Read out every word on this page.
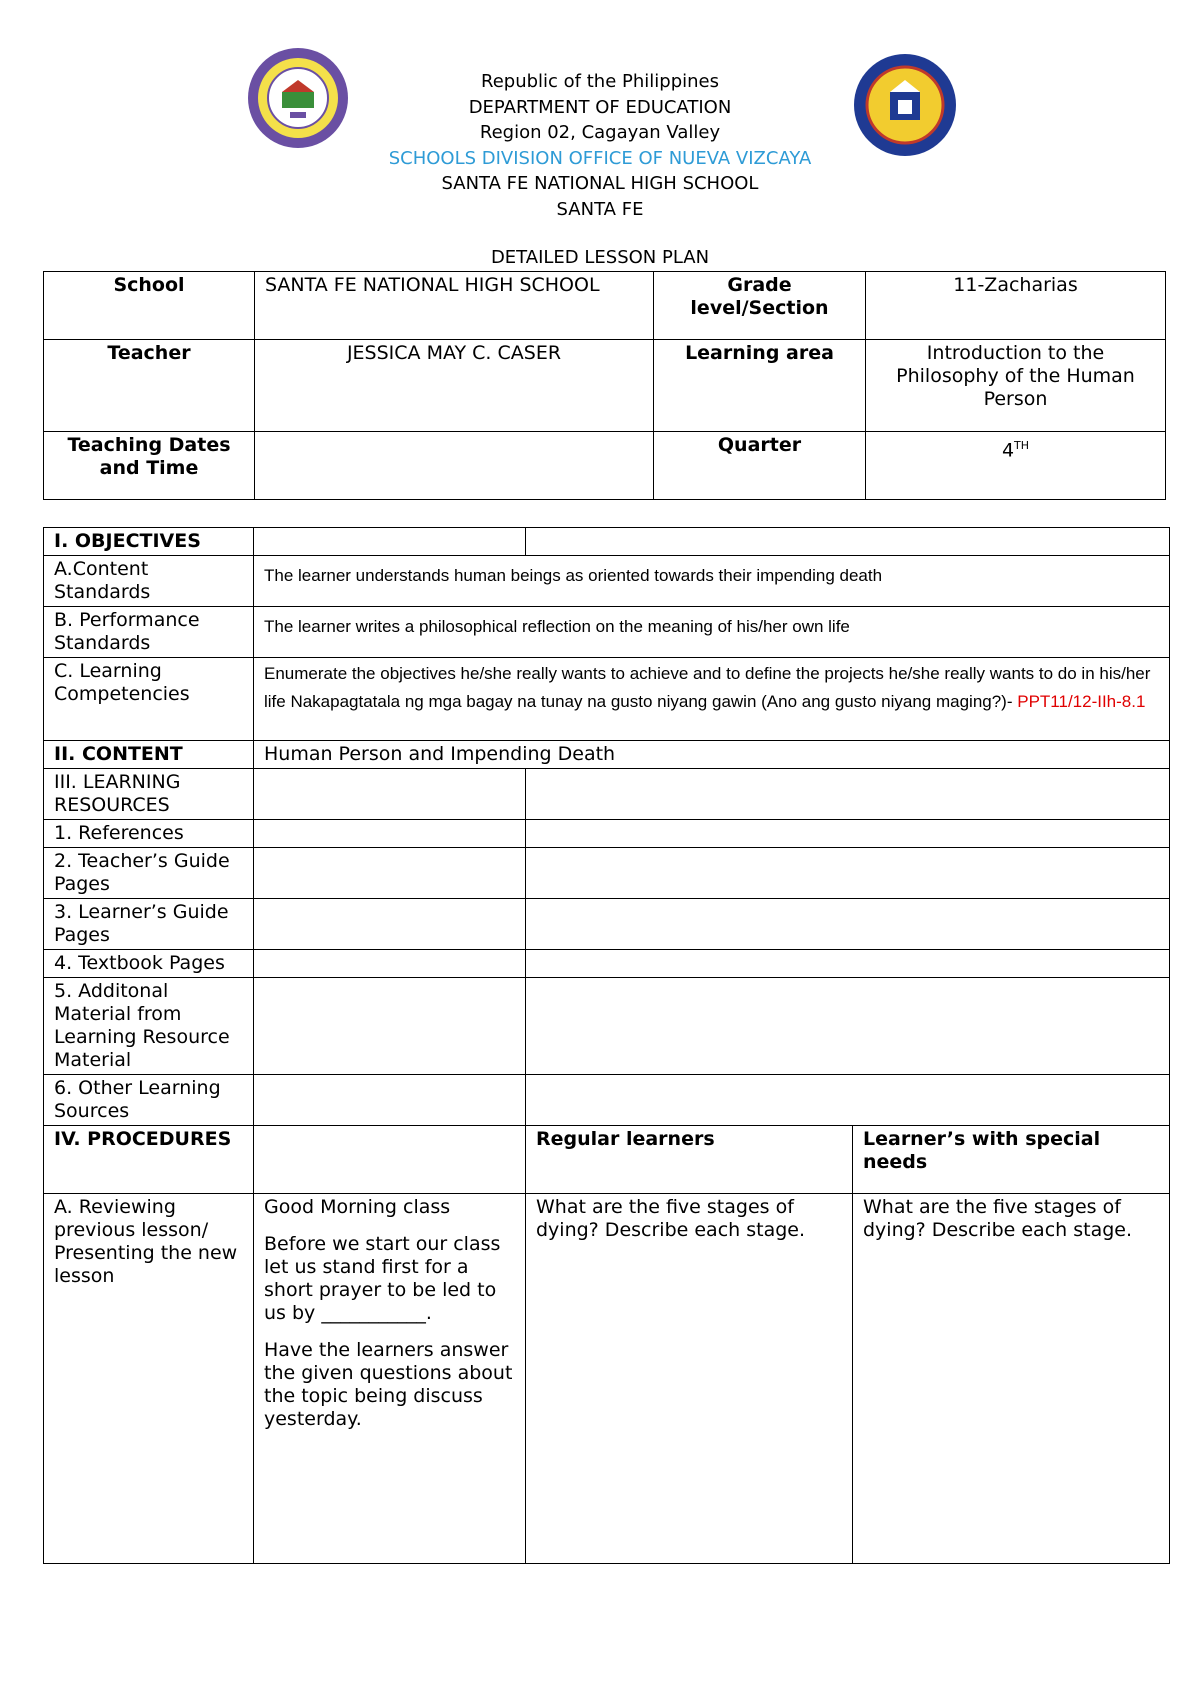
Republic of the Philippines
DEPARTMENT OF EDUCATION
Region 02, Cagayan Valley
SCHOOLS DIVISION OFFICE OF NUEVA VIZCAYA
SANTA FE NATIONAL HIGH SCHOOL
SANTA FE
DETAILED LESSON PLAN
School	SANTA FE NATIONAL HIGH SCHOOL	Grade level/Section	11-Zacharias
Teacher	JESSICA MAY C. CASER	Learning area	Introduction to the Philosophy of the Human Person
Teaching Dates and Time		Quarter	4TH
I. OBJECTIVES			
A.Content Standards	The learner understands human beings as oriented towards their impending death		
B. Performance Standards	The learner writes a philosophical reflection on the meaning of his/her own life		
C. Learning Competencies	Enumerate the objectives he/she really wants to achieve and to define the projects he/she really wants to do in his/her life Nakapagtatala ng mga bagay na tunay na gusto niyang gawin (Ano ang gusto niyang maging?)- PPT11/12-IIh-8.1		
II. CONTENT	Human Person and Impending Death		
III. LEARNING RESOURCES			
1. References			
2. Teacher’s Guide Pages			
3. Learner’s Guide Pages			
4. Textbook Pages			
5. Additonal Material from Learning Resource Material			
6. Other Learning Sources			
IV. PROCEDURES		Regular learners	Learner’s with special needs
A. Reviewing previous lesson/ Presenting the new lesson	Good Morning class

Before we start our class let us stand first for a short prayer to be led to us by ___________.

Have the learners answer the given questions about the topic being discuss yesterday.	What are the five stages of dying? Describe each stage.	What are the five stages of dying? Describe each stage.
